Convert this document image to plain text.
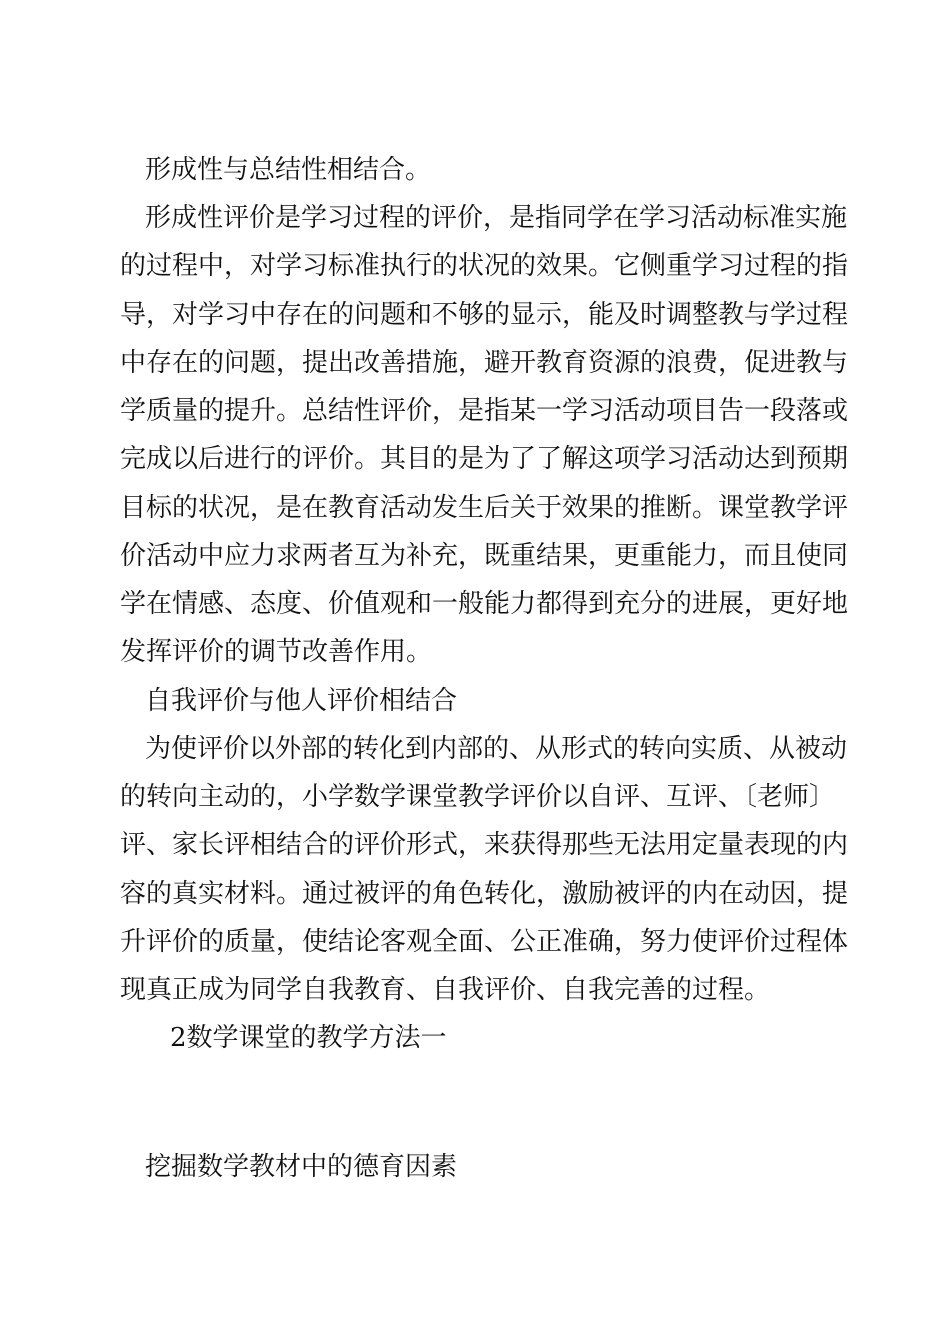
形成性与总结性相结合。
形成性评价是学习过程的评价，是指同学在学习活动标准实施
的过程中，对学习标准执行的状况的效果。它侧重学习过程的指
导，对学习中存在的问题和不够的显示，能及时调整教与学过程
中存在的问题，提出改善措施，避开教育资源的浪费，促进教与
学质量的提升。总结性评价，是指某一学习活动项目告一段落或
完成以后进行的评价。其目的是为了了解这项学习活动达到预期
目标的状况，是在教育活动发生后关于效果的推断。课堂教学评
价活动中应力求两者互为补充，既重结果，更重能力，而且使同
学在情感、态度、价值观和一般能力都得到充分的进展，更好地
发挥评价的调节改善作用。
自我评价与他人评价相结合
为使评价以外部的转化到内部的、从形式的转向实质、从被动
的转向主动的，小学数学课堂教学评价以自评、互评、〔老师〕
评、家长评相结合的评价形式，来获得那些无法用定量表现的内
容的真实材料。通过被评的角色转化，激励被评的内在动因，提
升评价的质量，使结论客观全面、公正准确，努力使评价过程体
现真正成为同学自我教育、自我评价、自我完善的过程。
2数学课堂的教学方法一
挖掘数学教材中的德育因素
